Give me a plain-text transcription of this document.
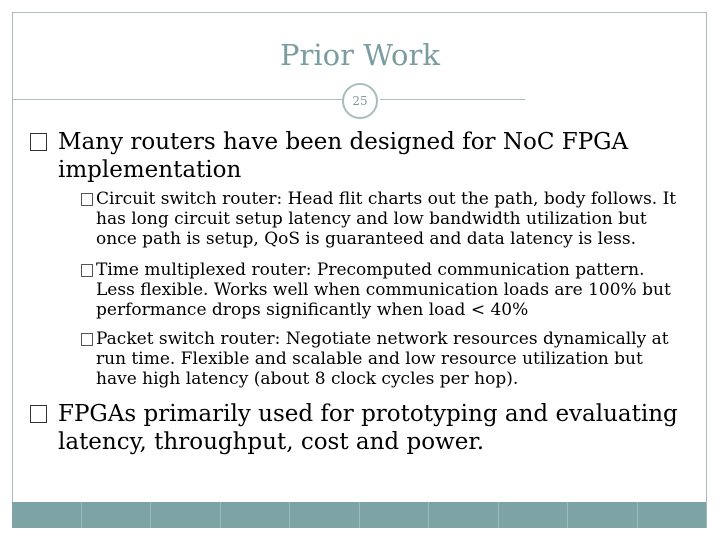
Prior Work
25
Many routers have been designed for NoC FPGA implementation
Circuit switch router: Head flit charts out the path, body follows. It has long circuit setup latency and low bandwidth utilization but once path is setup, QoS is guaranteed and data latency is less.
Time multiplexed router: Precomputed communication pattern. Less flexible. Works well when communication loads are 100% but performance drops significantly when load < 40%
Packet switch router: Negotiate network resources dynamically at run time. Flexible and scalable and low resource utilization but have high latency (about 8 clock cycles per hop).
FPGAs primarily used for prototyping and evaluating latency, throughput, cost and power.
